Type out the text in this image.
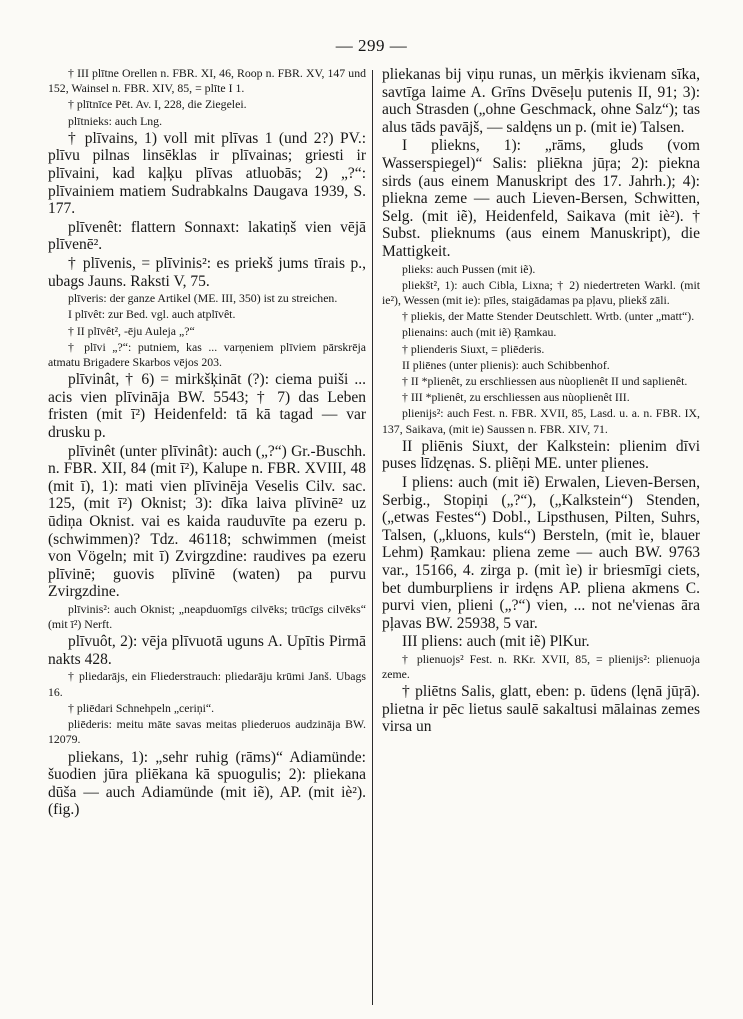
— 299 —

† III plītne Orellen n. FBR. XI, 46, Roop n. FBR. XV, 147 und 152, Wainsel n. FBR. XIV, 85, = plīte I 1.

† plītnīce Pēt. Av. I, 228, die Ziegelei.

plītnieks: auch Lng.

† plīvains, 1) voll mit plīvas 1 (und 2?) PV.: plīvu pilnas linsēklas ir plīvainas; griesti ir plīvaini, kad kaļķu plīvas atluobās; 2) „?“: plīvainiem matiem Sudrabkalns Daugava 1939, S. 177.

plīvenêt: flattern Sonnaxt: lakatiņš vien vējā plīvenē².

† plīvenis, = plīvinis²: es priekš jums tīrais p., ubags Jauns. Raksti V, 75.

plīveris: der ganze Artikel (ME. III, 350) ist zu streichen.

I plīvêt: zur Bed. vgl. auch atplīvêt.

† II plīvêt², -ēju Auleja „?“

† plīvi „?“: putniem, kas ... varņeniem plīviem pārskrēja atmatu Brigadere Skarbos vējos 203.

plīvinât, † 6) = mirkšķināt (?): ciema puiši ... acis vien plīvināja BW. 5543; † 7) das Leben fristen (mit ī²) Heidenfeld: tā kā tagad — var drusku p.

plīvinêt (unter plīvinât): auch („?“) Gr.-Buschh. n. FBR. XII, 84 (mit ī²), Kalupe n. FBR. XVIII, 48 (mit ī), 1): mati vien plīvinēja Veselis Cilv. sac. 125, (mit ī²) Oknist; 3): dīka laiva plīvinē² uz ūdiņa Oknist. vai es kaida rauduvīte pa ezeru p. (schwimmen)? Tdz. 46118; schwimmen (meist von Vögeln; mit ī) Zvirgzdine: raudives pa ezeru plīvinē; guovis plīvinē (waten) pa purvu Zvirgzdine.

plīvinis²: auch Oknist; „neapduomīgs cilvēks; trūcīgs cilvēks“ (mit ī²) Nerft.

plīvuôt, 2): vēja plīvuotā uguns A. Upītis Pirmā nakts 428.

† pliedarājs, ein Fliederstrauch: pliedarāju krūmi Janš. Ubags 16.

† pliēdari Schnehpeln „ceriņi“.

pliēderis: meitu māte savas meitas pliederuos audzināja BW. 12079.

pliekans, 1): „sehr ruhig (rāms)“ Adiamünde: šuodien jūra pliēkana kā spuogulis; 2): pliekana dūša — auch Adiamünde (mit iẽ), AP. (mit iè²). (fig.)

pliekanas bij viņu runas, un mērķis ikvienam sīka, savtīga laime A. Grīns Dvēseļu putenis II, 91; 3): auch Strasden („ohne Geschmack, ohne Salz“); tas alus tāds pavājš, — saldęns un p. (mit ie) Talsen.

I pliekns, 1): „rāms, gluds (vom Wasserspiegel)“ Salis: pliēkna jūŗa; 2): piekna sirds (aus einem Manuskript des 17. Jahrh.); 4): pliekna zeme — auch Lieven-Bersen, Schwitten, Selg. (mit iẽ), Heidenfeld, Saikava (mit iè²). † Subst. plieknums (aus einem Manuskript), die Mattigkeit.

plieks: auch Pussen (mit iẽ).

pliekšt², 1): auch Cibla, Lixna; † 2) niedertreten Warkl. (mit ie²), Wessen (mit ie): pīles, staigādamas pa pļavu, pliekš zāli.

† pliekis, der Matte Stender Deutschlett. Wrtb. (unter „matt“).

plienains: auch (mit iẽ) Ŗamkau.

† plienderis Siuxt, = pliēderis.

II pliēnes (unter plienis): auch Schibbenhof.

† II *plienêt, zu erschliessen aus nùoplienêt II und saplienêt.

† III *plienêt, zu erschliessen aus nùoplienêt III.

plienijs²: auch Fest. n. FBR. XVII, 85, Lasd. u. a. n. FBR. IX, 137, Saikava, (mit ie) Saussen n. FBR. XIV, 71.

II pliēnis Siuxt, der Kalkstein: plienim dīvi puses līdzęnas. S. pliẽņi ME. unter plienes.

I pliens: auch (mit iẽ) Erwalen, Lieven-Bersen, Serbig., Stopiņi („?“), („Kalkstein“) Stenden, („etwas Festes“) Dobl., Lipsthusen, Pilten, Suhrs, Talsen, („kluons, kuls“) Bersteln, (mit ìe, blauer Lehm) Ŗamkau: pliena zeme — auch BW. 9763 var., 15166, 4. zirga p. (mit ìe) ir briesmīgi ciets, bet dumburpliens ir irdęns AP. pliena akmens C. purvi vien, plieni („?“) vien, ... not ne'vienas āra pļavas BW. 25938, 5 var.

III pliens: auch (mit iẽ) PlKur.

† plienuojs² Fest. n. RKr. XVII, 85, = plienijs²: plienuoja zeme.

† pliētns Salis, glatt, eben: p. ūdens (lęnā jūŗā). plietna ir pēc lietus saulē sakaltusi mālainas zemes virsa un
